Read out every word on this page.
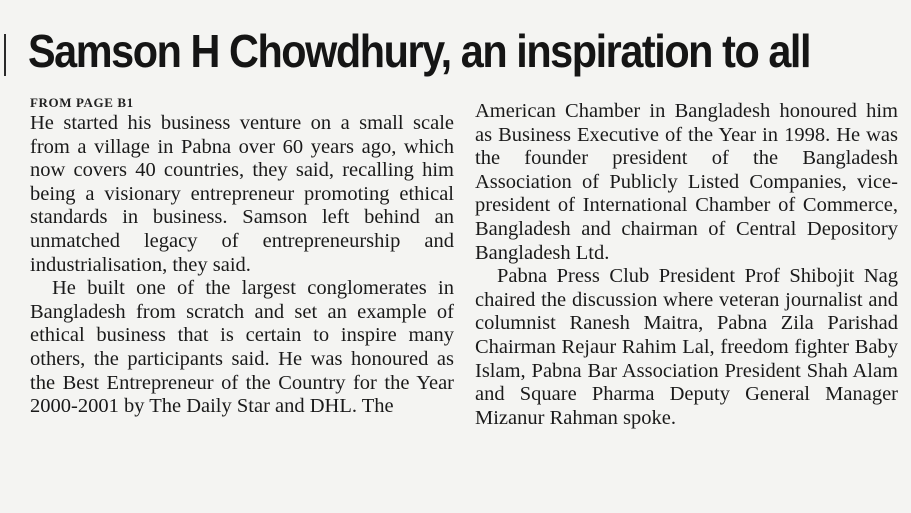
Samson H Chowdhury, an inspiration to all
FROM PAGE B1

He started his business venture on a small scale from a village in Pabna over 60 years ago, which now covers 40 countries, they said, recalling him being a visionary entrepreneur promoting ethical standards in business. Samson left behind an unmatched legacy of entrepreneurship and industrialisation, they said.

He built one of the largest conglomerates in Bangladesh from scratch and set an example of ethical business that is certain to inspire many others, the participants said. He was honoured as the Best Entrepreneur of the Country for the Year 2000-2001 by The Daily Star and DHL. The

American Chamber in Bangladesh honoured him as Business Executive of the Year in 1998. He was the founder president of the Bangladesh Association of Publicly Listed Companies, vice-president of International Chamber of Commerce, Bangladesh and chairman of Central Depository Bangladesh Ltd.

Pabna Press Club President Prof Shibojit Nag chaired the discussion where veteran journalist and columnist Ranesh Maitra, Pabna Zila Parishad Chairman Rejaur Rahim Lal, freedom fighter Baby Islam, Pabna Bar Association President Shah Alam and Square Pharma Deputy General Manager Mizanur Rahman spoke.
